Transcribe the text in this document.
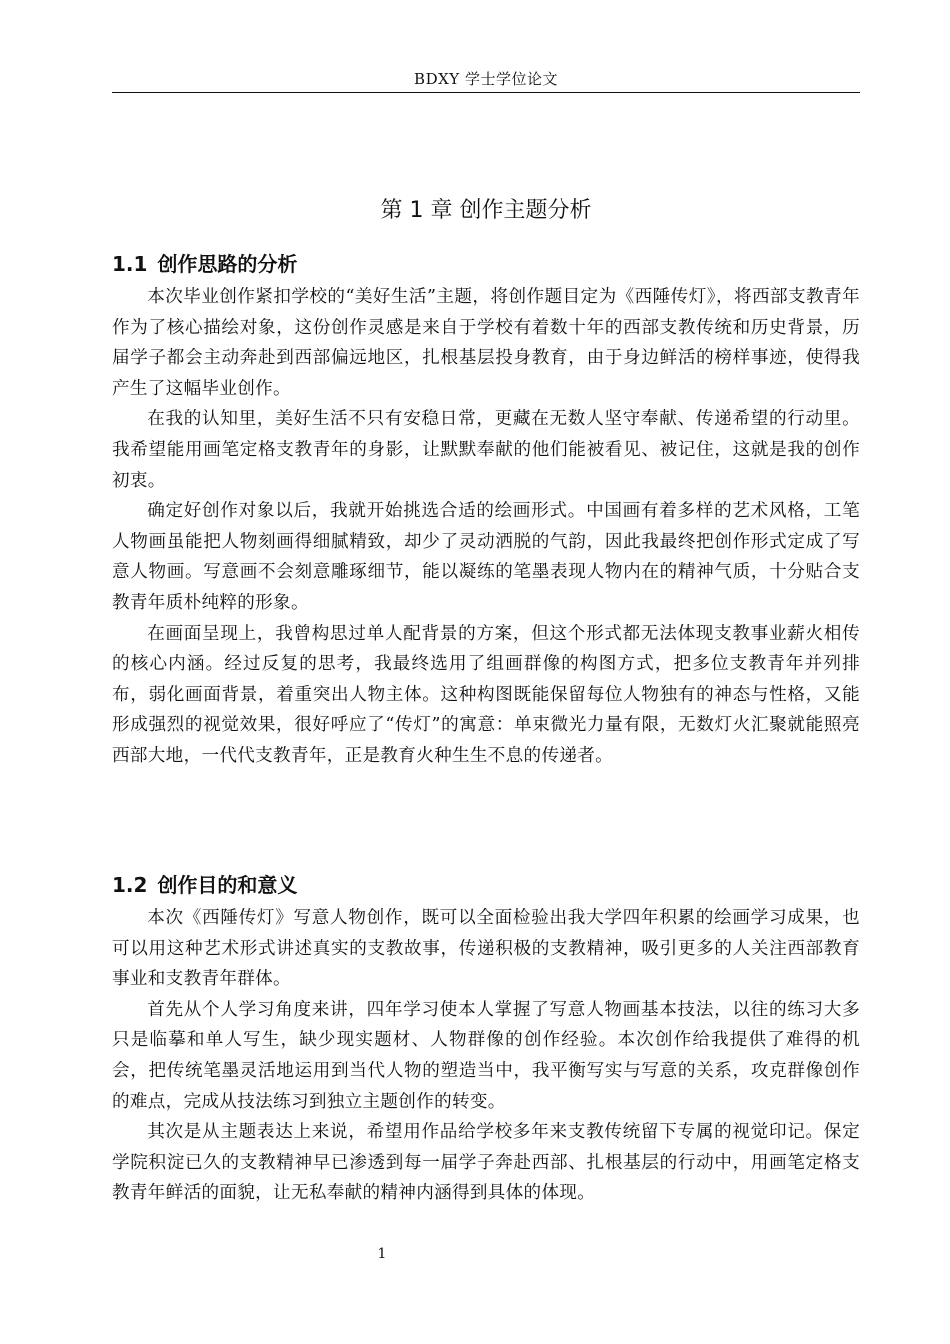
BDXY 学士学位论文
第 1 章 创作主题分析
1.1 创作思路的分析

本次毕业创作紧扣学校的“美好生活”主题，将创作题目定为《西陲传灯》，将西部支教青年作为了核心描绘对象，这份创作灵感是来自于学校有着数十年的西部支教传统和历史背景，历届学子都会主动奔赴到西部偏远地区，扎根基层投身教育，由于身边鲜活的榜样事迹，使得我产生了这幅毕业创作。

在我的认知里，美好生活不只有安稳日常，更藏在无数人坚守奉献、传递希望的行动里。我希望能用画笔定格支教青年的身影，让默默奉献的他们能被看见、被记住，这就是我的创作初衷。

确定好创作对象以后，我就开始挑选合适的绘画形式。中国画有着多样的艺术风格，工笔人物画虽能把人物刻画得细腻精致，却少了灵动洒脱的气韵，因此我最终把创作形式定成了写意人物画。写意画不会刻意雕琢细节，能以凝练的笔墨表现人物内在的精神气质，十分贴合支教青年质朴纯粹的形象。

在画面呈现上，我曾构思过单人配背景的方案，但这个形式都无法体现支教事业薪火相传的核心内涵。经过反复的思考，我最终选用了组画群像的构图方式，把多位支教青年并列排布，弱化画面背景，着重突出人物主体。这种构图既能保留每位人物独有的神态与性格，又能形成强烈的视觉效果，很好呼应了“传灯”的寓意：单束微光力量有限，无数灯火汇聚就能照亮西部大地，一代代支教青年，正是教育火种生生不息的传递者。

1.2 创作目的和意义

本次《西陲传灯》写意人物创作，既可以全面检验出我大学四年积累的绘画学习成果，也可以用这种艺术形式讲述真实的支教故事，传递积极的支教精神，吸引更多的人关注西部教育事业和支教青年群体。

首先从个人学习角度来讲，四年学习使本人掌握了写意人物画基本技法，以往的练习大多只是临摹和单人写生，缺少现实题材、人物群像的创作经验。本次创作给我提供了难得的机会，把传统笔墨灵活地运用到当代人物的塑造当中，我平衡写实与写意的关系，攻克群像创作的难点，完成从技法练习到独立主题创作的转变。

其次是从主题表达上来说，希望用作品给学校多年来支教传统留下专属的视觉印记。保定学院积淀已久的支教精神早已渗透到每一届学子奔赴西部、扎根基层的行动中，用画笔定格支教青年鲜活的面貌，让无私奉献的精神内涵得到具体的体现。

1
